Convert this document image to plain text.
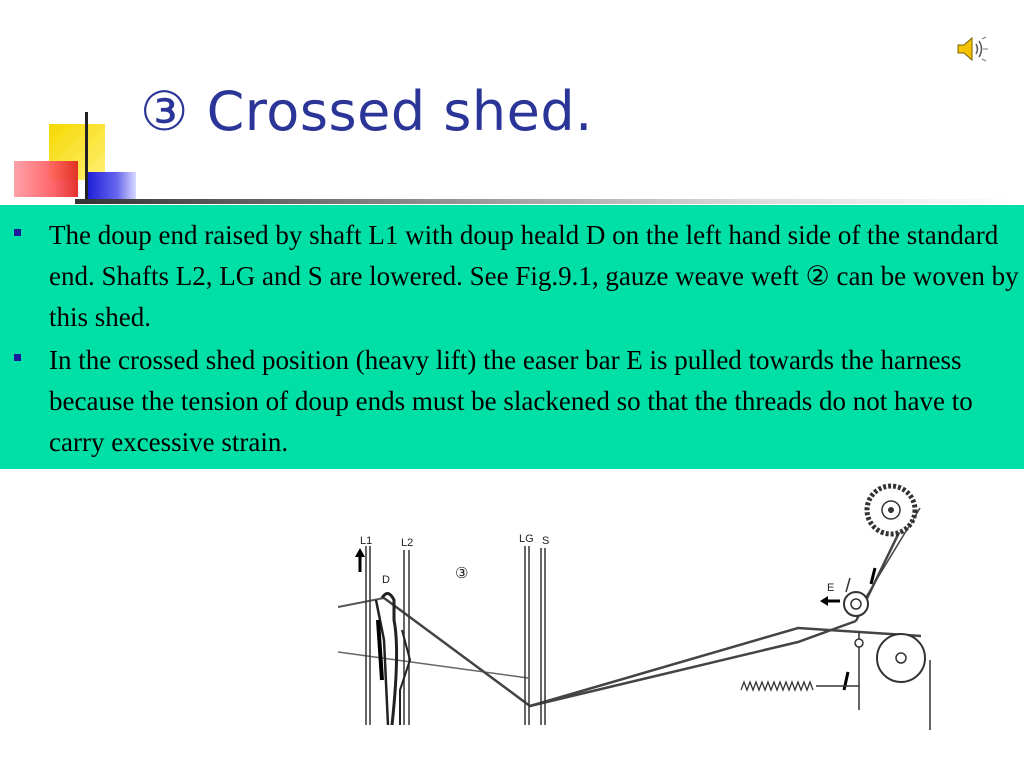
③ Crossed shed.
The doup end raised by shaft L1 with doup heald D on the left hand side of the standard end. Shafts L2, LG and S are lowered. See Fig.9.1, gauze weave weft ② can be woven by this shed.
In the crossed shed position (heavy lift) the easer bar E is pulled towards the harness because the tension of doup ends must be slackened so that the threads do not have to carry excessive strain.
L1	L2	LG S
D
E
③
